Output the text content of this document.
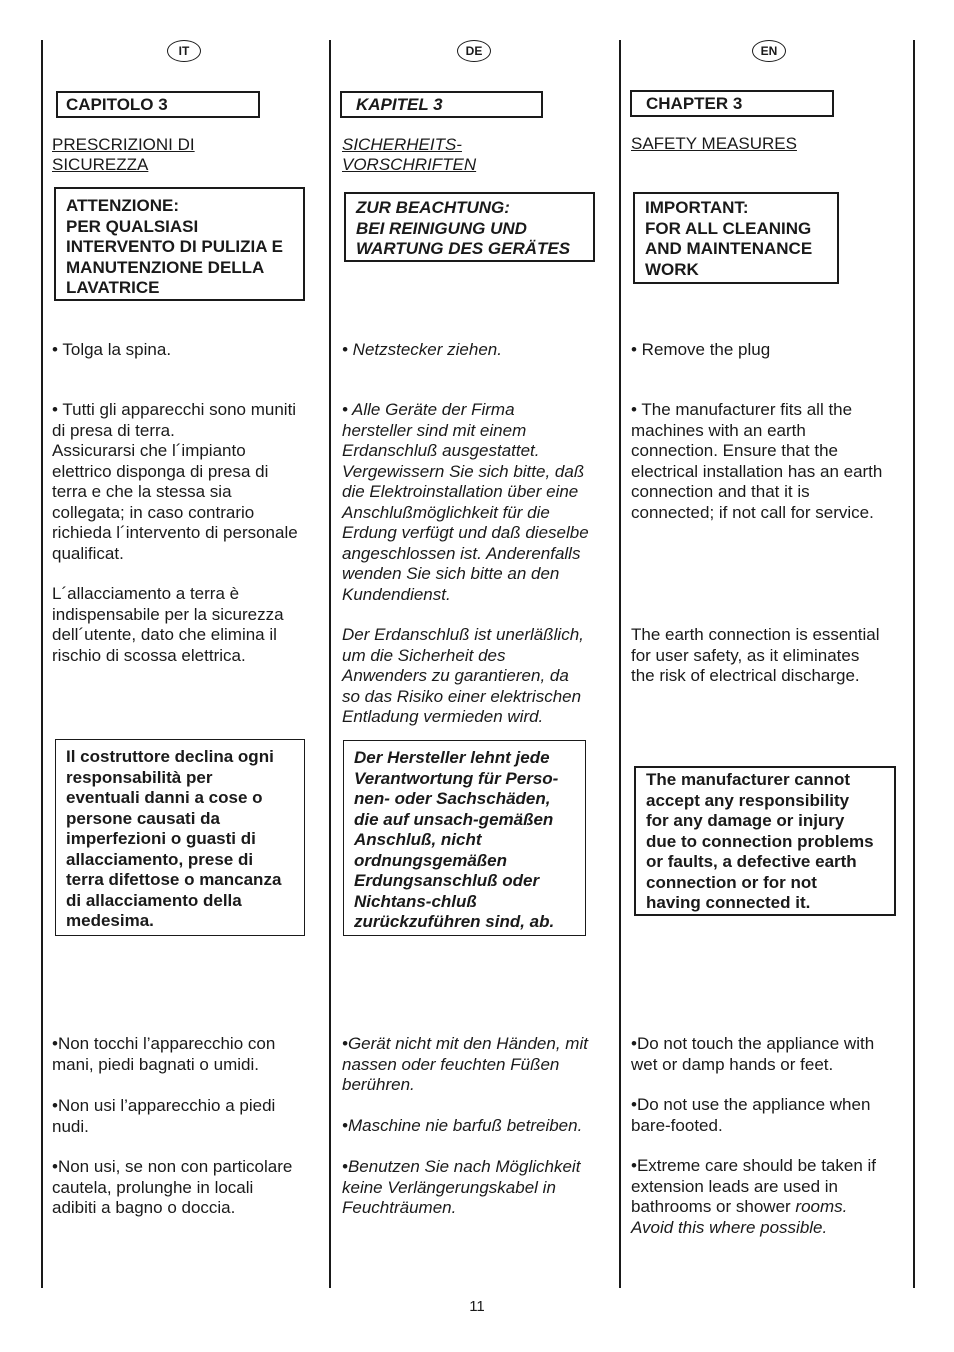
IT
CAPITOLO 3
PRESCRIZIONI DI
SICUREZZA
ATTENZIONE:
PER QUALSIASI
INTERVENTO DI PULIZIA E
MANUTENZIONE DELLA
LAVATRICE
• Tolga la spina.
• Tutti gli apparecchi sono muniti
di presa di terra.
Assicurarsi che l´impianto
elettrico disponga di presa di
terra e che la stessa sia
collegata; in caso contrario
richieda l´intervento di personale
qualificat.
L´allacciamento a terra è
indispensabile per la sicurezza
dell´utente, dato che elimina il
rischio di scossa elettrica.
Il costruttore declina ogni
responsabilità per
eventuali danni a cose o
persone causati da
imperfezioni o guasti di
allacciamento, prese di
terra difettose o mancanza
di allacciamento della
medesima.
•Non tocchi l’apparecchio con
mani, piedi bagnati o umidi.
•Non usi l’apparecchio a piedi
nudi.
•Non usi, se non con particolare
cautela, prolunghe in locali
adibiti a bagno o doccia.
DE
KAPITEL 3
SICHERHEITS-
VORSCHRIFTEN
ZUR BEACHTUNG:
BEI REINIGUNG UND
WARTUNG DES GERÄTES
• Netzstecker ziehen.
• Alle Geräte der Firma
hersteller sind mit einem
Erdanschluß ausgestattet.
Vergewissern Sie sich bitte, daß
die Elektroinstallation über eine
Anschlußmöglichkeit für die
Erdung verfügt und daß dieselbe
angeschlossen ist. Anderenfalls
wenden Sie sich bitte an den
Kundendienst.
Der Erdanschluß ist unerläßlich,
um die Sicherheit des
Anwenders zu garantieren, da
so das Risiko einer elektrischen
Entladung vermieden wird.
Der Hersteller lehnt jede
Verantwortung für Perso-
nen- oder Sachschäden,
die auf unsach-gemäßen
Anschluß, nicht
ordnungsgemäßen
Erdungsanschluß oder
Nichtans-chluß
zurückzuführen sind, ab.
•Gerät nicht mit den Händen, mit
nassen oder feuchten Füßen
berühren.
•Maschine nie barfuß betreiben.
•Benutzen Sie nach Möglichkeit
keine Verlängerungskabel in
Feuchträumen.
EN
CHAPTER 3
SAFETY MEASURES
IMPORTANT:
FOR ALL CLEANING
AND MAINTENANCE
WORK
• Remove the plug
• The manufacturer fits all the
machines with an earth
connection. Ensure that the
electrical installation has an earth
connection and that it is
connected; if not call for service.
The earth connection is essential
for user safety, as it eliminates
the risk of electrical discharge.
The manufacturer cannot
accept any responsibility
for any damage or injury
due to connection problems
or faults, a defective earth
connection or for not
having connected it.
•Do not touch the appliance with
wet or damp hands or feet.
•Do not use the appliance when
bare-footed.
•Extreme care should be taken if
extension leads are used in
bathrooms or shower rooms.
Avoid this where possible.
11
